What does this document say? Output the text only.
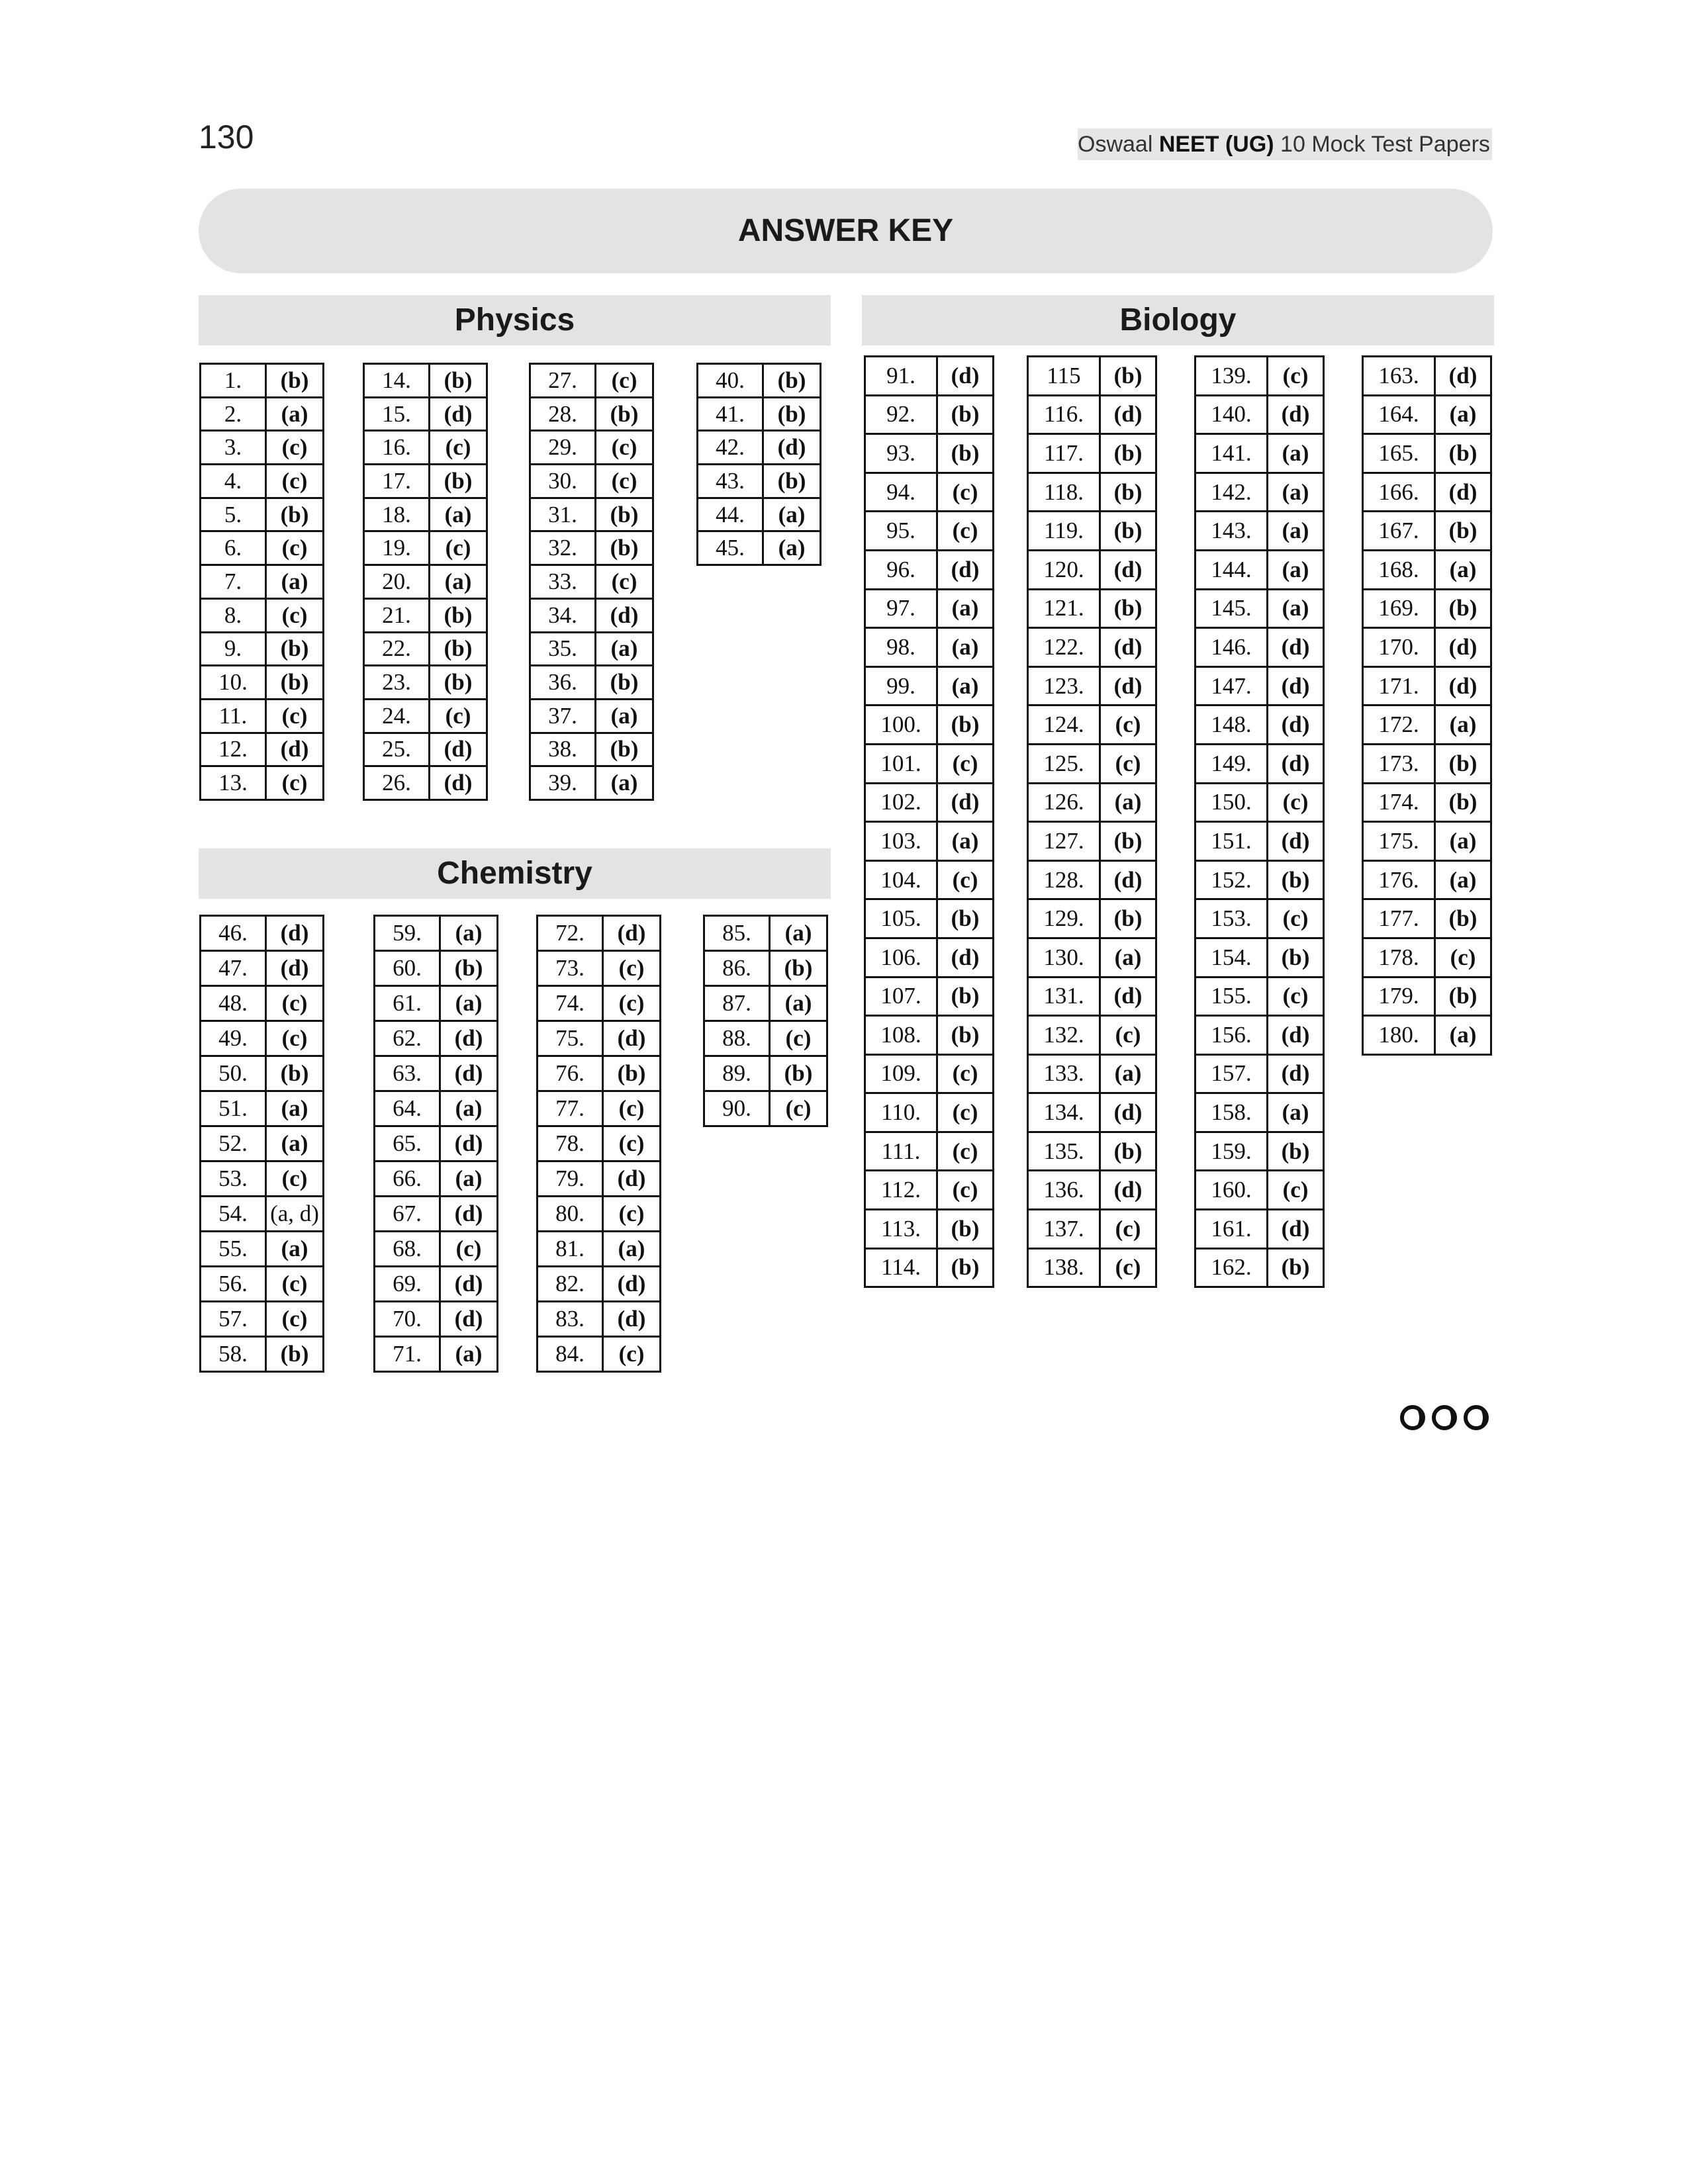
130	Oswaal NEET (UG) 10 Mock Test Papers
ANSWER KEY
Physics
Chemistry
Biology
1.	(b)
2.	(a)
3.	(c)
4.	(c)
5.	(b)
6.	(c)
7.	(a)
8.	(c)
9.	(b)
10.	(b)
11.	(c)
12.	(d)
13.	(c)
14.	(b)
15.	(d)
16.	(c)
17.	(b)
18.	(a)
19.	(c)
20.	(a)
21.	(b)
22.	(b)
23.	(b)
24.	(c)
25.	(d)
26.	(d)
27.	(c)
28.	(b)
29.	(c)
30.	(c)
31.	(b)
32.	(b)
33.	(c)
34.	(d)
35.	(a)
36.	(b)
37.	(a)
38.	(b)
39.	(a)
40.	(b)
41.	(b)
42.	(d)
43.	(b)
44.	(a)
45.	(a)
46.	(d)
47.	(d)
48.	(c)
49.	(c)
50.	(b)
51.	(a)
52.	(a)
53.	(c)
54.	(a, d)
55.	(a)
56.	(c)
57.	(c)
58.	(b)
59.	(a)
60.	(b)
61.	(a)
62.	(d)
63.	(d)
64.	(a)
65.	(d)
66.	(a)
67.	(d)
68.	(c)
69.	(d)
70.	(d)
71.	(a)
72.	(d)
73.	(c)
74.	(c)
75.	(d)
76.	(b)
77.	(c)
78.	(c)
79.	(d)
80.	(c)
81.	(a)
82.	(d)
83.	(d)
84.	(c)
85.	(a)
86.	(b)
87.	(a)
88.	(c)
89.	(b)
90.	(c)
91.	(d)
92.	(b)
93.	(b)
94.	(c)
95.	(c)
96.	(d)
97.	(a)
98.	(a)
99.	(a)
100.	(b)
101.	(c)
102.	(d)
103.	(a)
104.	(c)
105.	(b)
106.	(d)
107.	(b)
108.	(b)
109.	(c)
110.	(c)
111.	(c)
112.	(c)
113.	(b)
114.	(b)
115	(b)
116.	(d)
117.	(b)
118.	(b)
119.	(b)
120.	(d)
121.	(b)
122.	(d)
123.	(d)
124.	(c)
125.	(c)
126.	(a)
127.	(b)
128.	(d)
129.	(b)
130.	(a)
131.	(d)
132.	(c)
133.	(a)
134.	(d)
135.	(b)
136.	(d)
137.	(c)
138.	(c)
139.	(c)
140.	(d)
141.	(a)
142.	(a)
143.	(a)
144.	(a)
145.	(a)
146.	(d)
147.	(d)
148.	(d)
149.	(d)
150.	(c)
151.	(d)
152.	(b)
153.	(c)
154.	(b)
155.	(c)
156.	(d)
157.	(d)
158.	(a)
159.	(b)
160.	(c)
161.	(d)
162.	(b)
163.	(d)
164.	(a)
165.	(b)
166.	(d)
167.	(b)
168.	(a)
169.	(b)
170.	(d)
171.	(d)
172.	(a)
173.	(b)
174.	(b)
175.	(a)
176.	(a)
177.	(b)
178.	(c)
179.	(b)
180.	(a)
